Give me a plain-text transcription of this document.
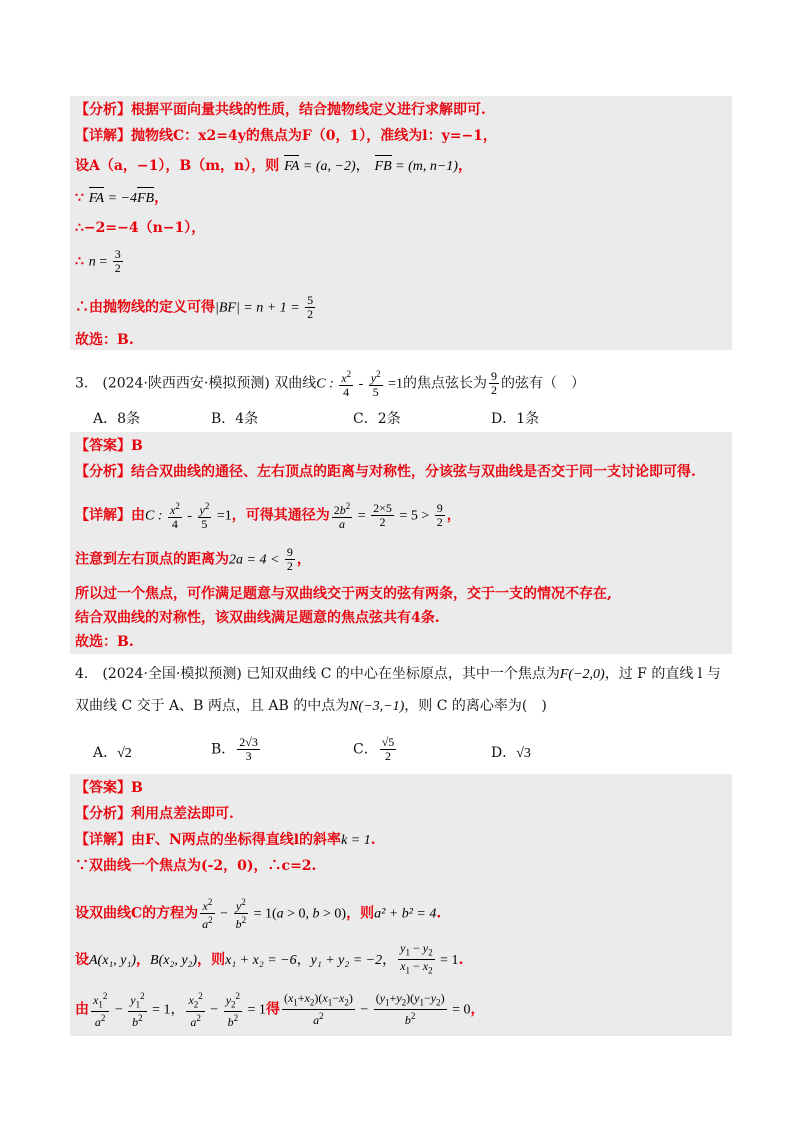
【分析】根据平面向量共线的性质，结合抛物线定义进行求解即可.
【详解】抛物线C：x2=4y的焦点为F（0，1），准线为l：y=−1，
设A（a，−1），B（m，n），则 FA = (a, −2)， FB = (m, n−1)，
∵ FA = −4FB，
∴−2=−4（n−1），
∴ $n = \frac{3}{2}$
∴由抛物线的定义可得$|BF| = n + 1 = \frac{5}{2}$
故选：B.
3.　(2024·陕西西安·模拟预测) 双曲线C : $\frac{x^2}{4} - \frac{y^2}{5} =1$的焦点弦长为 $\frac{9}{2}$ 的弦有（　）
A．8条	B．4条	C．2条	D．1条
【答案】B
【分析】结合双曲线的通径、左右顶点的距离与对称性，分该弦与双曲线是否交于同一支讨论即可得.
【详解】由C : $\frac{x^2}{4} - \frac{y^2}{5} =1$，可得其通径为 $\frac{2b^2}{a} = \frac{2\times 5}{2} = 5 > \frac{9}{2}$ ，
注意到左右顶点的距离为$2a = 4 < \frac{9}{2}$ ，
所以过一个焦点，可作满足题意与双曲线交于两支的弦有两条，交于一支的情况不存在,
结合双曲线的对称性，该双曲线满足题意的焦点弦共有4条.
故选：B.
4.　(2024·全国·模拟预测) 已知双曲线 C 的中心在坐标原点，其中一个焦点为F(−2,0)，过 F 的直线 l 与
双曲线 C 交于 A、B 两点，且 AB 的中点为N(−3,−1)，则 C 的离心率为(　)
A．√2	B． $\frac{2√3}{3}$	C． $\frac{√5}{2}$	D．√3
【答案】B
【分析】利用点差法即可.
【详解】由F、N两点的坐标得直线l的斜率k = 1.
∵双曲线一个焦点为(-2，0)，∴c=2.
设双曲线C的方程为 $\frac{x^2}{a^2} - \frac{y^2}{b^2} = 1(a > 0$, b > 0)，则a² + b² = 4.
设A(x₁, y₁)，B(x₂, y₂)，则x₁ + x₂ = −6，y₁ + y₂ = −2， $\frac{y_1 - y_2}{x_1 - x_2} = 1$.
由 $\frac{x_1^2}{a^2} - \frac{y_1^2}{b^2} = 1$， $\frac{x_2^2}{a^2} - \frac{y_2^2}{b^2} = 1$得 $\frac{(x_1+x_2)(x_1-x_2)}{a^2} - \frac{(y_1+y_2)(y_1-y_2)}{b^2} = 0$，
